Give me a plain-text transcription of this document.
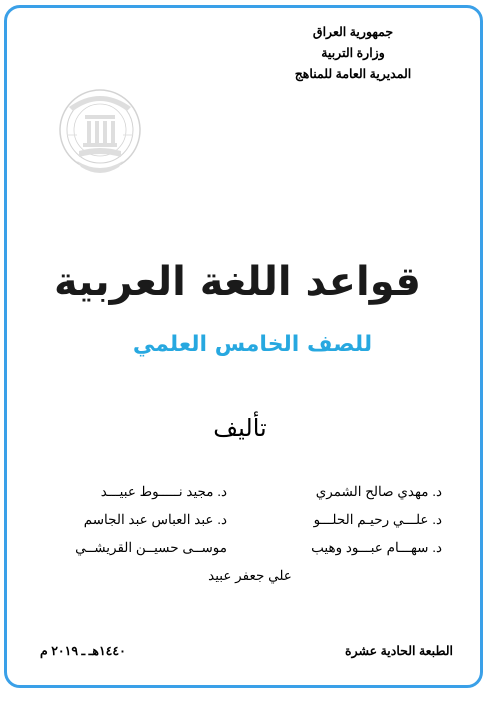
جمهورية العراق
وزارة التربية
المديرية العامة للمناهج
قواعد اللغة العربية
للصف الخامس العلمي
تأليف
د. مهدي صالح الشمري
د. مجيد نـــــوط عبيـــد
د. علـــي رحيـم الحلـــو
د. عبد العباس عبد الجاسم
د. سهـــام عبـــود وهيب
موســى حسيــن القريشــي
علي جعفر عبيد
الطبعة الحادية عشرة
١٤٤٠هـ ـ ٢٠١٩ م
